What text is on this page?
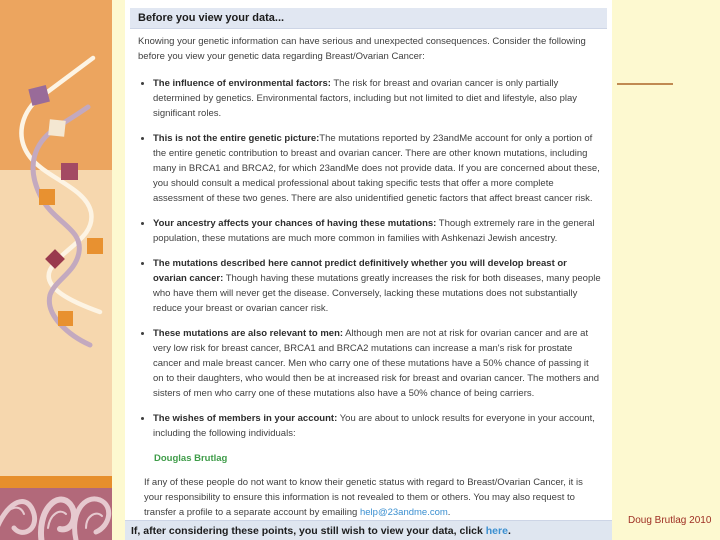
Doug Brutlag 2010
Before you view your data...

Knowing your genetic information can have serious and unexpected consequences. Consider the following before you view your genetic data regarding Breast/Ovarian Cancer:

• The influence of environmental factors: The risk for breast and ovarian cancer is only partially determined by genetics. Environmental factors, including but not limited to diet and lifestyle, also play significant roles.
• This is not the entire genetic picture:The mutations reported by 23andMe account for only a portion of the entire genetic contribution to breast and ovarian cancer. There are other known mutations, including many in BRCA1 and BRCA2, for which 23andMe does not provide data. If you are concerned about these, you should consult a medical professional about taking specific tests that offer a more complete assessment of these two genes. There are also unidentified genetic factors that affect breast cancer risk.
• Your ancestry affects your chances of having these mutations: Though extremely rare in the general population, these mutations are much more common in families with Ashkenazi Jewish ancestry.
• The mutations described here cannot predict definitively whether you will develop breast or ovarian cancer: Though having these mutations greatly increases the risk for both diseases, many people who have them will never get the disease. Conversely, lacking these mutations does not substantially reduce your breast or ovarian cancer risk.
• These mutations are also relevant to men: Although men are not at risk for ovarian cancer and are at very low risk for breast cancer, BRCA1 and BRCA2 mutations can increase a man's risk for prostate cancer and male breast cancer. Men who carry one of these mutations have a 50% chance of passing it on to their daughters, who would then be at increased risk for breast and ovarian cancer. The mothers and sisters of men who carry one of these mutations also have a 50% chance of being carriers.
• The wishes of members in your account: You are about to unlock results for everyone in your account, including the following individuals:
Douglas Brutlag

If any of these people do not want to know their genetic status with regard to Breast/Ovarian Cancer, it is your responsibility to ensure this information is not revealed to them or others. You may also request to transfer a profile to a separate account by emailing help@23andme.com.

If, after considering these points, you still wish to view your data, click
here .
